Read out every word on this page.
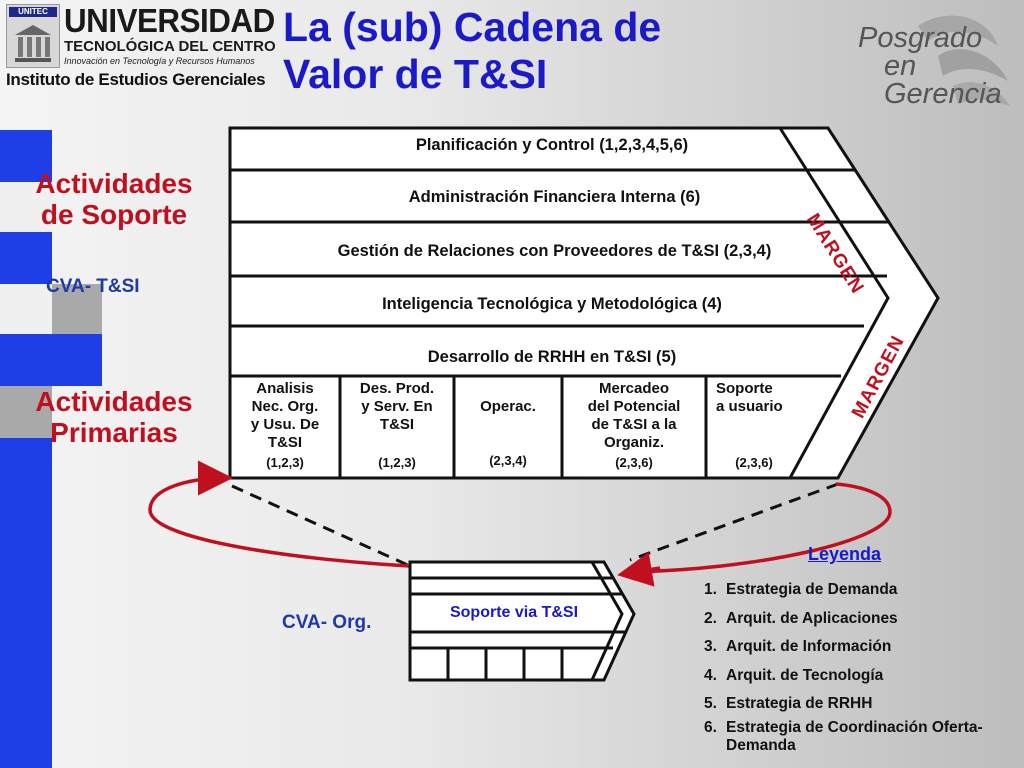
UNITEC UNIVERSIDAD
TECNOLÓGICA DEL CENTRO
Innovación en Tecnología y Recursos Humanos
Instituto de Estudios Gerenciales
La (sub) Cadena de
Valor de T&SI
Posgrado
en Gerencia
Actividades
de Soporte
CVA- T&SI
Actividades
Primarias
CVA- Org.
Planificación y Control (1,2,3,4,5,6)
Administración Financiera Interna (6)
Gestión de Relaciones con Proveedores de T&SI (2,3,4)
Inteligencia Tecnológica y Metodológica (4)
Desarrollo de RRHH en T&SI (5)
Analisis
Nec. Org.
y Usu. De
T&SI
(1,2,3)
Des. Prod.
y Serv. En
T&SI
(1,2,3)
Operac.
(2,3,4)
Mercadeo
del Potencial
de T&SI a la
Organiz.
(2,3,6)
Soporte
a usuario
(2,3,6)
MARGEN
MARGEN
Soporte via T&SI
Leyenda
1. Estrategia de Demanda
2. Arquit. de Aplicaciones
3. Arquit. de Información
4. Arquit. de Tecnología
5. Estrategia de RRHH
6. Estrategia de Coordinación Oferta- Demanda
